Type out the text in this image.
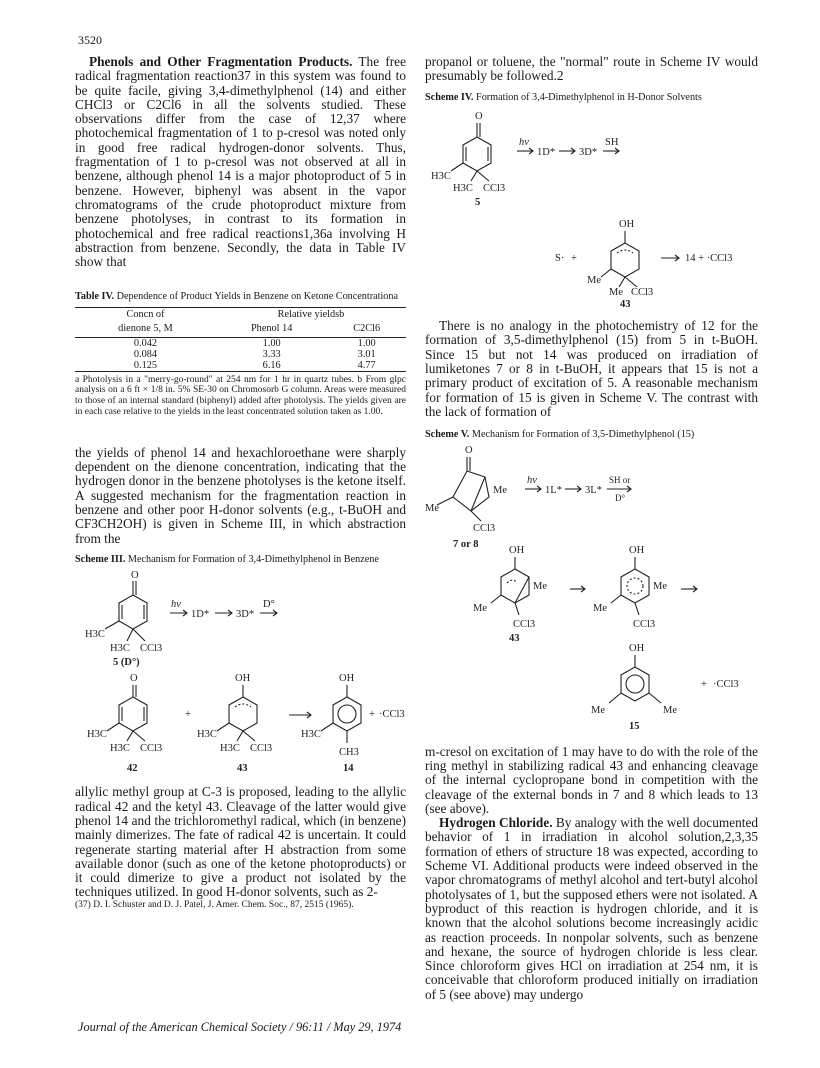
3520

Phenols and Other Fragmentation Products. The free radical fragmentation reaction37 in this system was found to be quite facile, giving 3,4-dimethylphenol (14) and either CHCl3 or C2Cl6 in all the solvents studied. These observations differ from the case of 12,37 where photochemical fragmentation of 1 to p-cresol was noted only in good free radical hydrogen-donor solvents. Thus, fragmentation of 1 to p-cresol was not observed at all in benzene, although phenol 14 is a major photoproduct of 5 in benzene. However, biphenyl was absent in the vapor chromatograms of the crude photoproduct mixture from benzene photolyses, in contrast to its formation in photochemical and free radical reactions1,36a involving H abstraction from benzene. Secondly, the data in Table IV show that

Table IV. Dependence of Product Yields in Benzene on Ketone Concentrationa
Concn of	Relative yieldsb	
dienone 5, M	Phenol 14	C2Cl6
0.042	1.00	1.00
0.084	3.33	3.01
0.125	6.16	4.77

a Photolysis in a "merry-go-round" at 254 nm for 1 hr in quartz tubes. b From glpc analysis on a 6 ft × 1/8 in. 5% SE-30 on Chromosorb G column. Areas were measured to those of an internal standard (biphenyl) added after photolysis. The yields given are in each case relative to the yields in the least concentrated solution taken as 1.00.

the yields of phenol 14 and hexachloroethane were sharply dependent on the dienone concentration, indicating that the hydrogen donor in the benzene photolyses is the ketone itself. A suggested mechanism for the fragmentation reaction in benzene and other poor H-donor solvents (e.g., t-BuOH and CF3CH2OH) is given in Scheme III, in which abstraction from the

Scheme III. Mechanism for Formation of 3,4-Dimethylphenol in Benzene
O
H3C
H3C CCl3
5 (D°)
hν
1D*	3D*
D°
O
H3C
H3C CCl3
42
+
OH
H3C
H3C CCl3
43
OH
H3C
CH3
14
+ ·CCl3

allylic methyl group at C-3 is proposed, leading to the allylic radical 42 and the ketyl 43. Cleavage of the latter would give phenol 14 and the trichloromethyl radical, which (in benzene) mainly dimerizes. The fate of radical 42 is uncertain. It could regenerate starting material after H abstraction from some available donor (such as one of the ketone photoproducts) or it could dimerize to give a product not isolated by the techniques utilized. In good H-donor solvents, such as 2-

(37) D. I. Schuster and D. J. Patel, J. Amer. Chem. Soc., 87, 2515 (1965).

propanol or toluene, the "normal" route in Scheme IV would presumably be followed.2

Scheme IV. Formation of 3,4-Dimethylphenol in H-Donor Solvents
O
H3C
H3C CCl3
5
hν
1D* 3D*
SH
OH
S· +
Me
Me CCl3
43
14 + ·CCl3

There is no analogy in the photochemistry of 12 for the formation of 3,5-dimethylphenol (15) from 5 in t-BuOH. Since 15 but not 14 was produced on irradiation of lumiketones 7 or 8 in t-BuOH, it appears that 15 is not a primary product of excitation of 5. A reasonable mechanism for formation of 15 is given in Scheme V. The contrast with the lack of formation of

Scheme V. Mechanism for Formation of 3,5-Dimethylphenol (15)
O
Me
Me
CCl3
7 or 8
hν
1L* 3L*
SH or
D°
OH
Me
Me
CCl3
43
OH
Me
Me
CCl3
OH
Me	Me
15
+ ·CCl3

m-cresol on excitation of 1 may have to do with the role of the ring methyl in stabilizing radical 43 and enhancing cleavage of the internal cyclopropane bond in competition with the cleavage of the external bonds in 7 and 8 which leads to 13 (see above).

Hydrogen Chloride. By analogy with the well documented behavior of 1 in irradiation in alcohol solution,2,3,35 formation of ethers of structure 18 was expected, according to Scheme VI. Additional products were indeed observed in the vapor chromatograms of methyl alcohol and tert-butyl alcohol photolysates of 1, but the supposed ethers were not isolated. A byproduct of this reaction is hydrogen chloride, and it is known that the alcohol solutions become increasingly acidic as reaction proceeds. In nonpolar solvents, such as benzene and hexane, the source of hydrogen chloride is less clear. Since chloroform gives HCl on irradiation at 254 nm, it is conceivable that chloroform produced initially on irradiation of 5 (see above) may undergo

Journal of the American Chemical Society / 96:11 / May 29, 1974
